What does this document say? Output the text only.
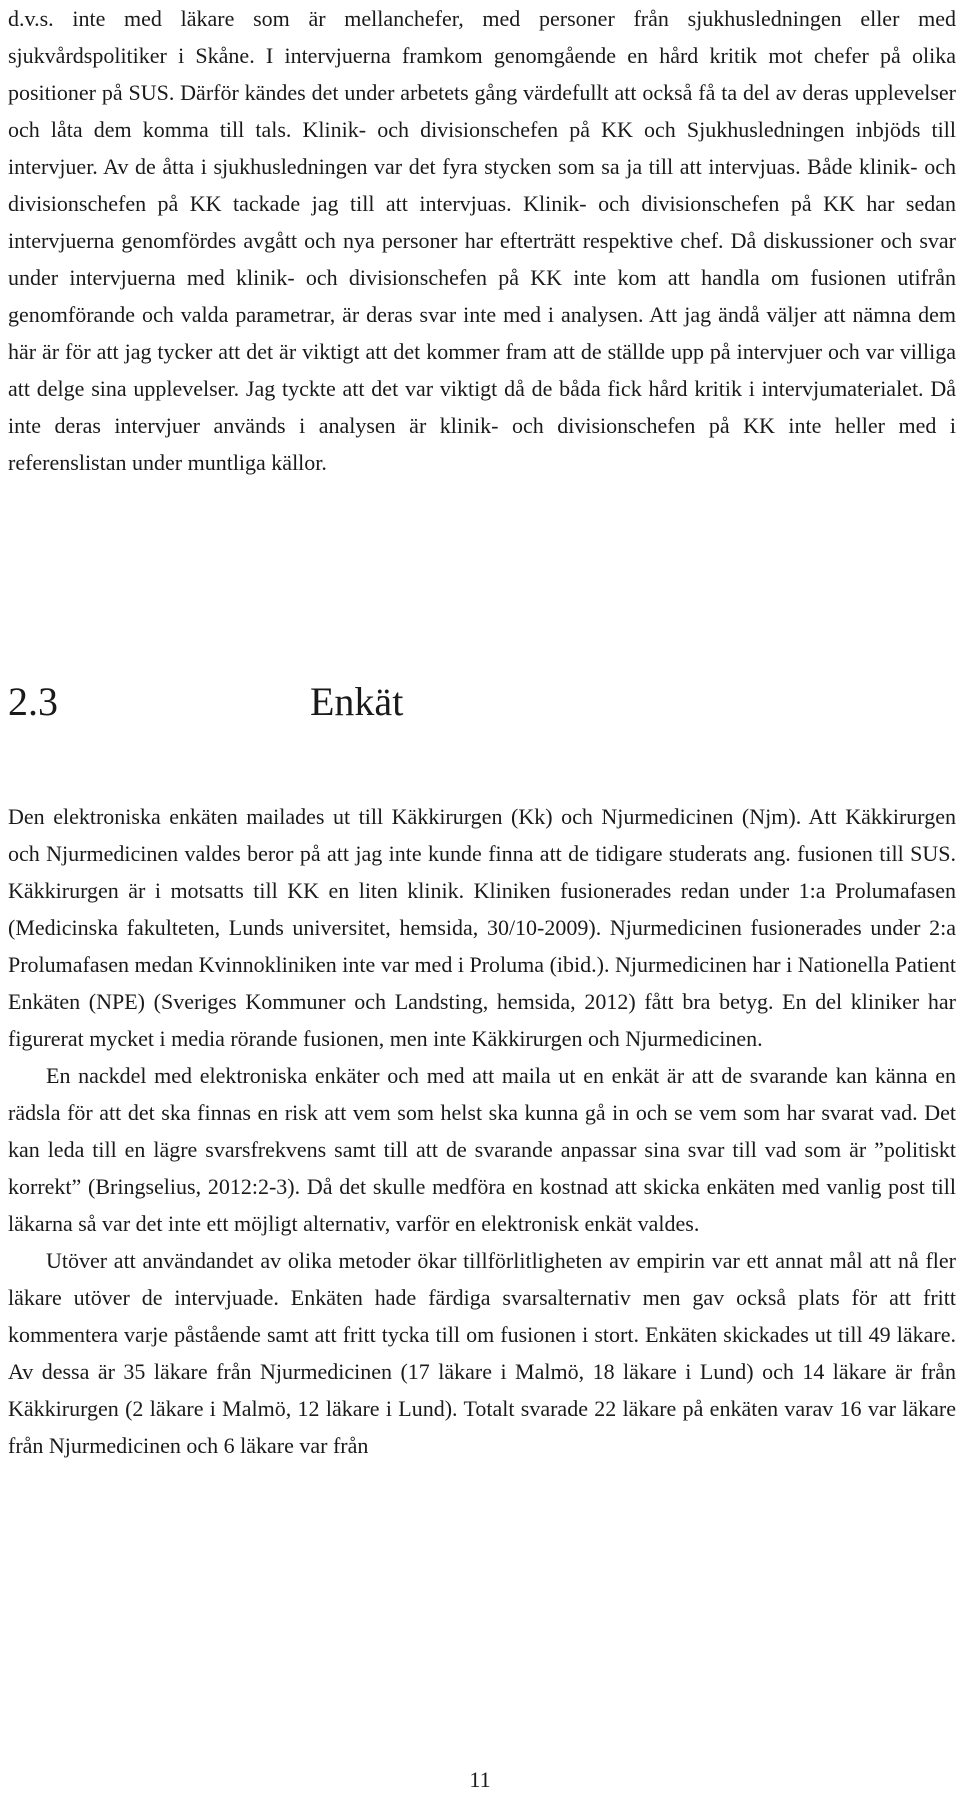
d.v.s. inte med läkare som är mellanchefer, med personer från sjukhusledningen eller med sjukvårdspolitiker i Skåne. I intervjuerna framkom genomgående en hård kritik mot chefer på olika positioner på SUS. Därför kändes det under arbetets gång värdefullt att också få ta del av deras upplevelser och låta dem komma till tals. Klinik- och divisionschefen på KK och Sjukhusledningen inbjöds till intervjuer. Av de åtta i sjukhusledningen var det fyra stycken som sa ja till att intervjuas. Både klinik- och divisionschefen på KK tackade jag till att intervjuas. Klinik- och divisionschefen på KK har sedan intervjuerna genomfördes avgått och nya personer har efterträtt respektive chef. Då diskussioner och svar under intervjuerna med klinik- och divisionschefen på KK inte kom att handla om fusionen utifrån genomförande och valda parametrar, är deras svar inte med i analysen. Att jag ändå väljer att nämna dem här är för att jag tycker att det är viktigt att det kommer fram att de ställde upp på intervjuer och var villiga att delge sina upplevelser. Jag tyckte att det var viktigt då de båda fick hård kritik i intervjumaterialet. Då inte deras intervjuer används i analysen är klinik- och divisionschefen på KK inte heller med i referenslistan under muntliga källor.

2.3	Enkät

Den elektroniska enkäten mailades ut till Käkkirurgen (Kk) och Njurmedicinen (Njm). Att Käkkirurgen och Njurmedicinen valdes beror på att jag inte kunde finna att de tidigare studerats ang. fusionen till SUS. Käkkirurgen är i motsatts till KK en liten klinik. Kliniken fusionerades redan under 1:a Prolumafasen (Medicinska fakulteten, Lunds universitet, hemsida, 30/10-2009). Njurmedicinen fusionerades under 2:a Prolumafasen medan Kvinnokliniken inte var med i Proluma (ibid.). Njurmedicinen har i Nationella Patient Enkäten (NPE) (Sveriges Kommuner och Landsting, hemsida, 2012) fått bra betyg. En del kliniker har figurerat mycket i media rörande fusionen, men inte Käkkirurgen och Njurmedicinen.

En nackdel med elektroniska enkäter och med att maila ut en enkät är att de svarande kan känna en rädsla för att det ska finnas en risk att vem som helst ska kunna gå in och se vem som har svarat vad. Det kan leda till en lägre svarsfrekvens samt till att de svarande anpassar sina svar till vad som är ”politiskt korrekt” (Bringselius, 2012:2-3). Då det skulle medföra en kostnad att skicka enkäten med vanlig post till läkarna så var det inte ett möjligt alternativ, varför en elektronisk enkät valdes.

Utöver att användandet av olika metoder ökar tillförlitligheten av empirin var ett annat mål att nå fler läkare utöver de intervjuade. Enkäten hade färdiga svarsalternativ men gav också plats för att fritt kommentera varje påstående samt att fritt tycka till om fusionen i stort. Enkäten skickades ut till 49 läkare. Av dessa är 35 läkare från Njurmedicinen (17 läkare i Malmö, 18 läkare i Lund) och 14 läkare är från Käkkirurgen (2 läkare i Malmö, 12 läkare i Lund). Totalt svarade 22 läkare på enkäten varav 16 var läkare från Njurmedicinen och 6 läkare var från

11
